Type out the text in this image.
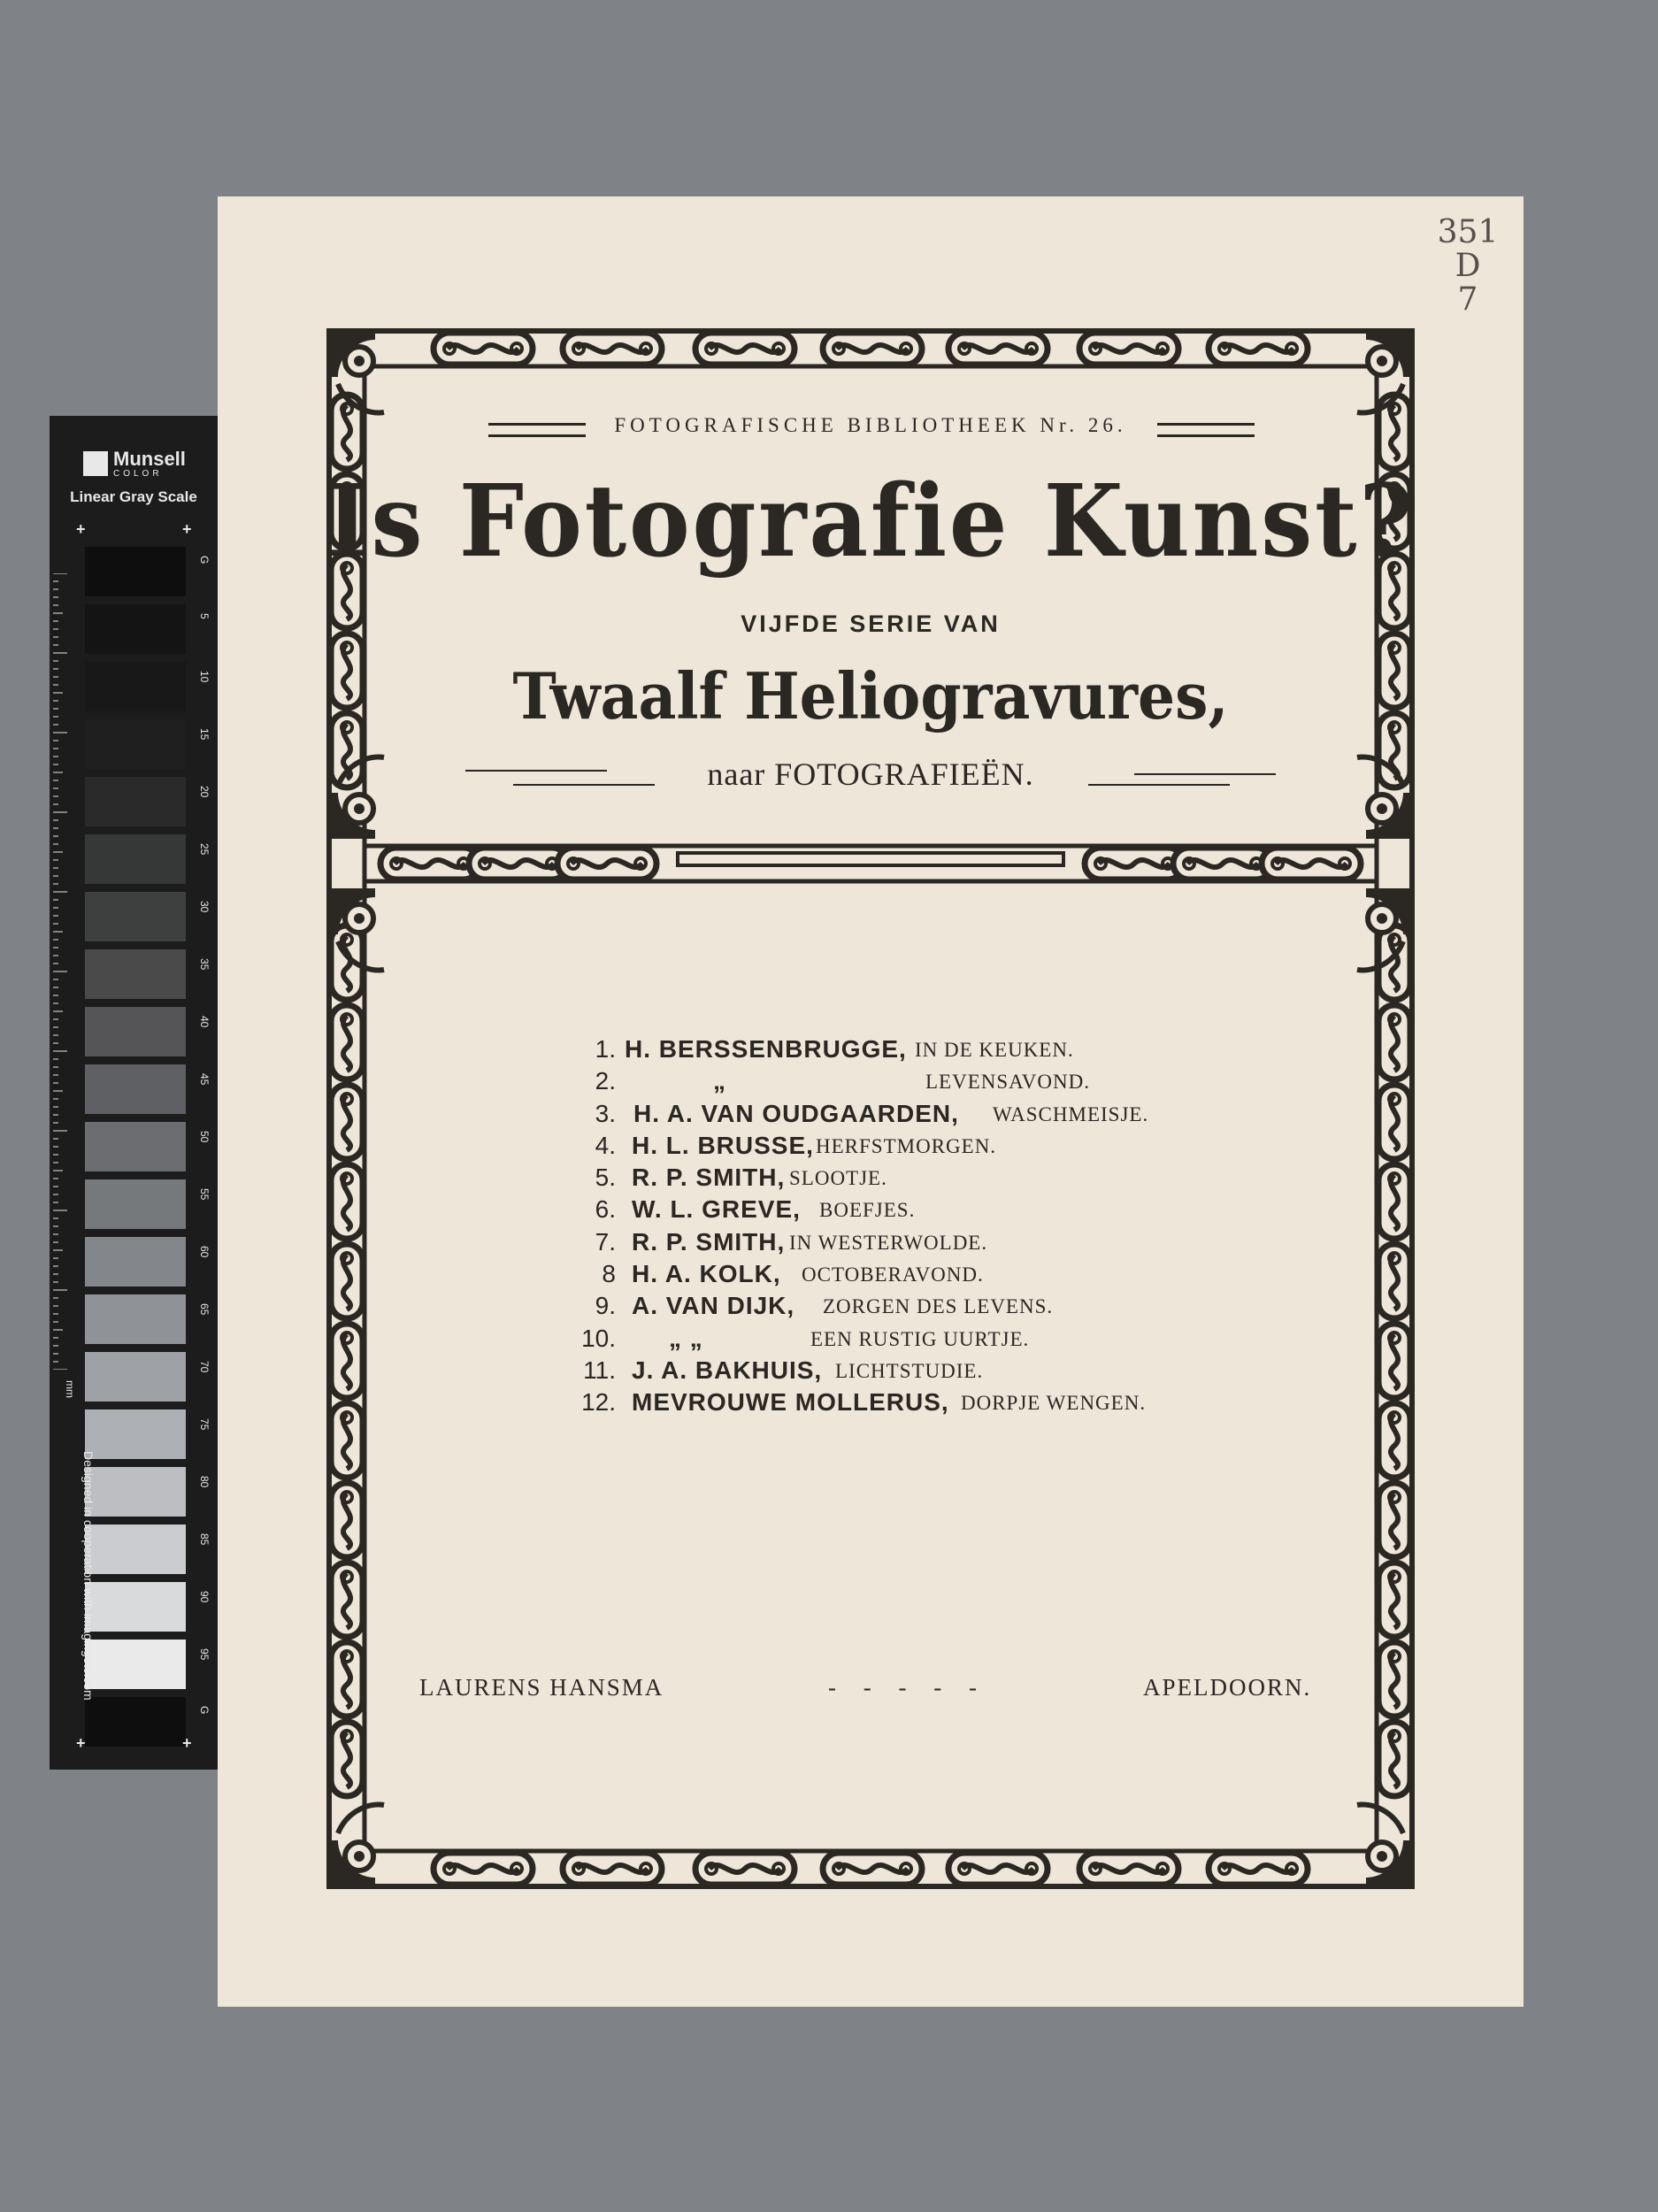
Munsell
COLOR
Linear Gray Scale
+	+
mm
G
5
10
15
20
25
30
35
40
45
50
55
60
65
70
75
80
85
90
95
G
Designed in cooperation with imagingetc.com
+	+
351
D
7
FOTOGRAFISCHE BIBLIOTHEEK Nr. 26.
Is Fotografie Kunst?
VIJFDE SERIE VAN
Twaalf Heliogravures,
naar FOTOGRAFIEËN.
1. H. BERSSENBRUGGE, IN DE KEUKEN.
2.	„	LEVENSAVOND.
3. H. A. VAN OUDGAARDEN, WASCHMEISJE.
4. H. L. BRUSSE, HERFSTMORGEN.
5. R. P. SMITH, SLOOTJE.
6. W. L. GREVE, BOEFJES.
7. R. P. SMITH, IN WESTERWOLDE.
8 H. A. KOLK, OCTOBERAVOND.
9. A. VAN DIJK, ZORGEN DES LEVENS.
10. „ „	EEN RUSTIG UURTJE.
11. J. A. BAKHUIS, LICHTSTUDIE.
12. MEVROUWE MOLLERUS, DORPJE WENGEN.
LAURENS HANSMA	- - - - -	APELDOORN.
